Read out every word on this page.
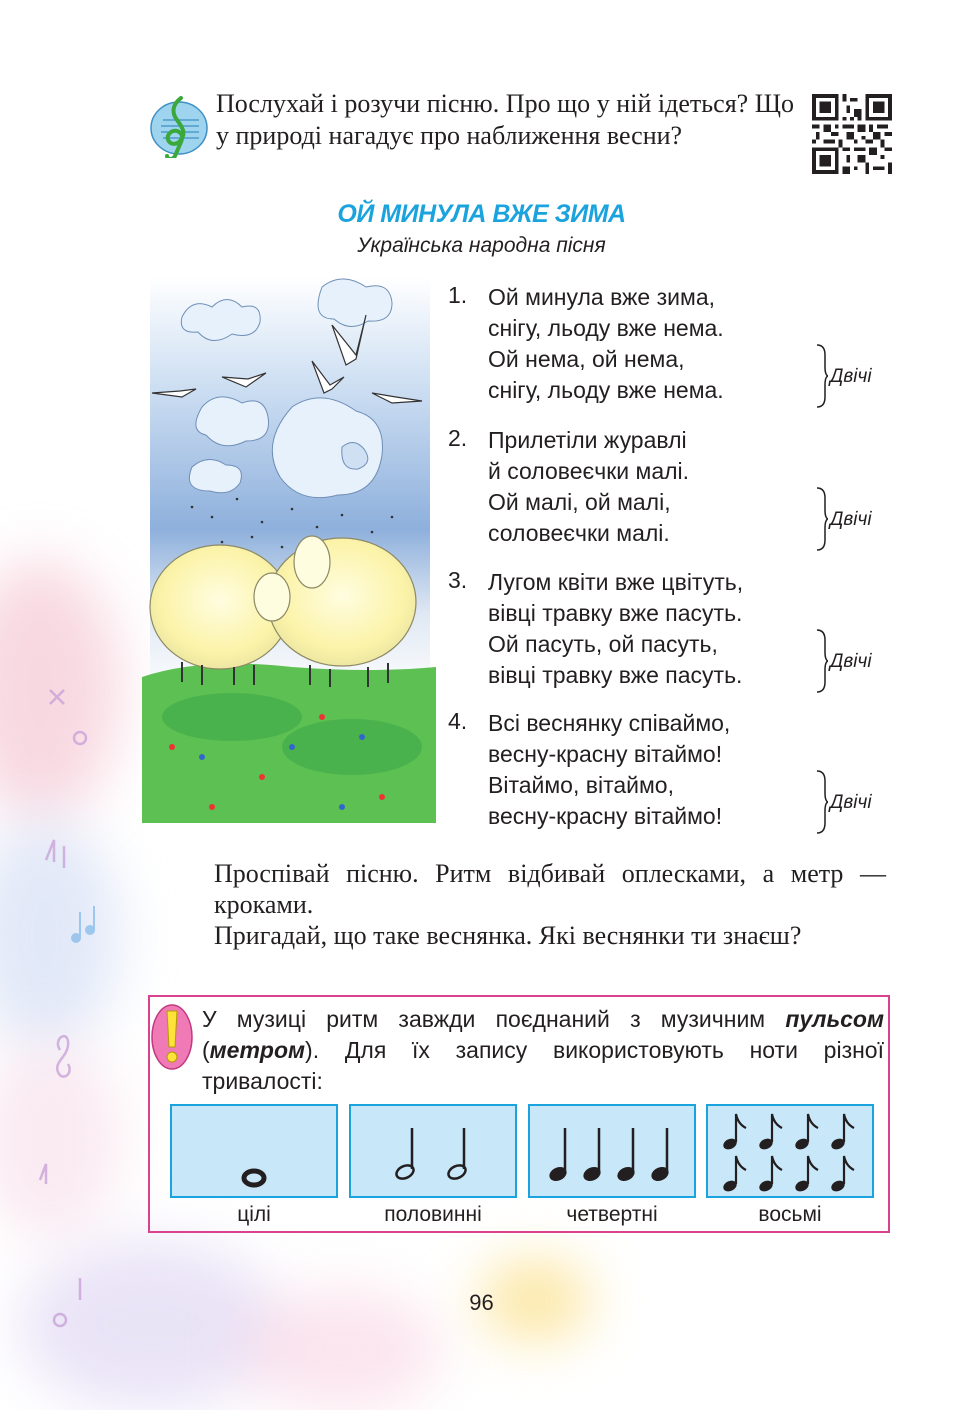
Послухай і розучи пісню. Про що у ній ідеться? Що у природі нагадує про наближення весни?
ОЙ МИНУЛА ВЖЕ ЗИМА
Українська народна пісня
1. Ой минула вже зима,
снігу, льоду вже нема.
Ой нема, ой нема,
снігу, льоду вже нема.
Двічі
2. Прилетіли журавлі
й соловеєчки малі.
Ой малі, ой малі,
соловеєчки малі.
Двічі
3. Лугом квіти вже цвітуть,
вівці травку вже пасуть.
Ой пасуть, ой пасуть,
вівці травку вже пасуть.
Двічі
4. Всі веснянку співаймо,
весну-красну вітаймо!
Вітаймо, вітаймо,
весну-красну вітаймо!
Двічі

Проспівай пісню. Ритм відбивай оплесками, а метр — кроками.

Пригадай, що таке веснянка. Які веснянки ти знаєш?

У музиці ритм завжди поєднаний з музичним пульсом (метром). Для їх запису використовують ноти різної тривалості:
цілі	половинні	четвертні	восьмі
96
